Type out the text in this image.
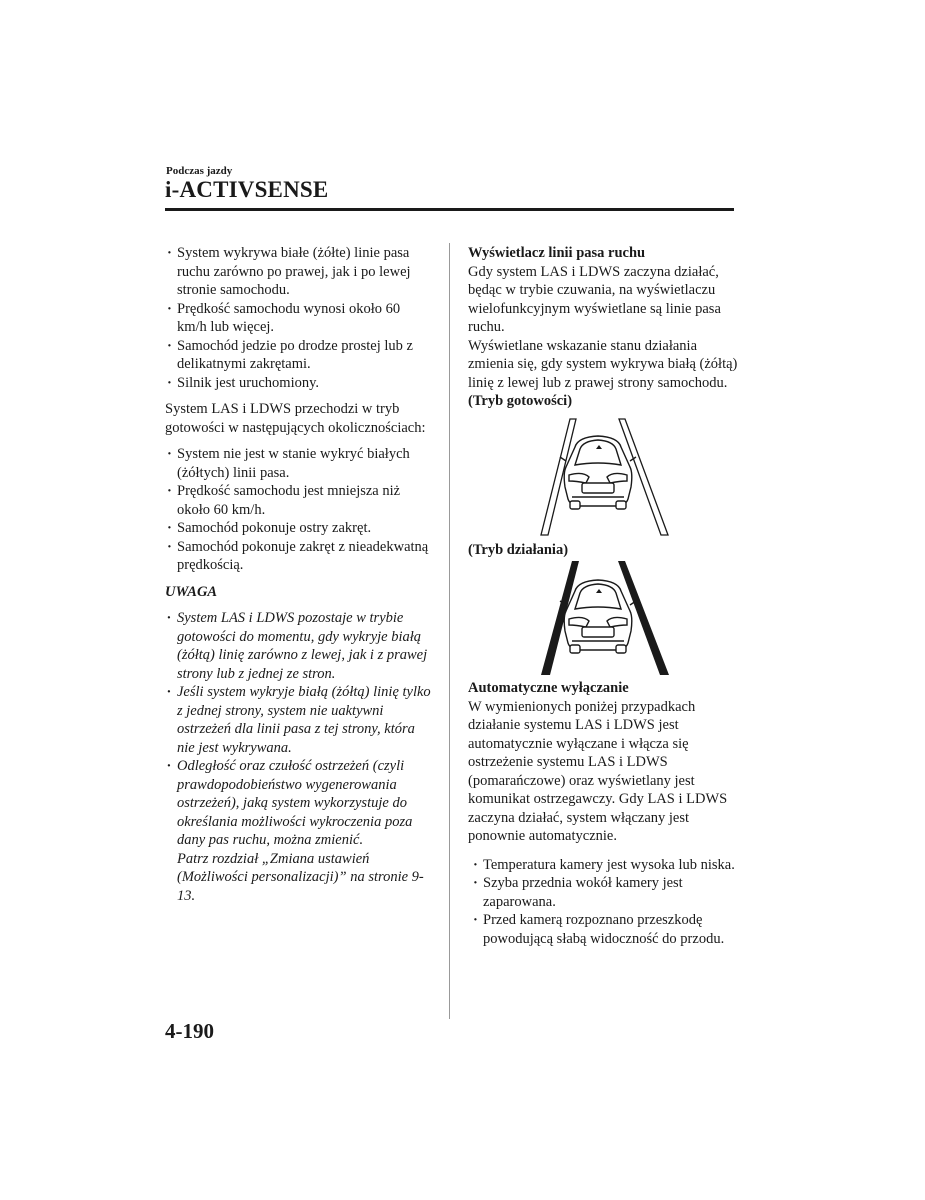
Podczas jazdy
i-ACTIVSENSE
· System wykrywa białe (żółte) linie pasa ruchu zarówno po prawej, jak i po lewej stronie samochodu.
· Prędkość samochodu wynosi około 60 km/h lub więcej.
· Samochód jedzie po drodze prostej lub z delikatnymi zakrętami.
· Silnik jest uruchomiony.

System LAS i LDWS przechodzi w tryb gotowości w następujących okolicznościach:

· System nie jest w stanie wykryć białych (żółtych) linii pasa.
· Prędkość samochodu jest mniejsza niż około 60 km/h.
· Samochód pokonuje ostry zakręt.
· Samochód pokonuje zakręt z nieadekwatną prędkością.
UWAGA
· System LAS i LDWS pozostaje w trybie gotowości do momentu, gdy wykryje białą (żółtą) linię zarówno z lewej, jak i z prawej strony lub z jednej ze stron.
· Jeśli system wykryje białą (żółtą) linię tylko z jednej strony, system nie uaktywni ostrzeżeń dla linii pasa z tej strony, która nie jest wykrywana.
· Odległość oraz czułość ostrzeżeń (czyli prawdopodobieństwo wygenerowania ostrzeżeń), jaką system wykorzystuje do określania możliwości wykroczenia poza dany pas ruchu, można zmienić.
Patrz rozdział „Zmiana ustawień (Możliwości personalizacji)” na stronie 9-13.

Wyświetlacz linii pasa ruchu

Gdy system LAS i LDWS zaczyna działać, będąc w trybie czuwania, na wyświetlaczu wielofunkcyjnym wyświetlane są linie pasa ruchu.

Wyświetlane wskazanie stanu działania zmienia się, gdy system wykrywa białą (żółtą) linię z lewej lub z prawej strony samochodu.

(Tryb gotowości)

(Tryb działania)

Automatyczne wyłączanie

W wymienionych poniżej przypadkach działanie systemu LAS i LDWS jest automatycznie wyłączane i włącza się ostrzeżenie systemu LAS i LDWS (pomarańczowe) oraz wyświetlany jest komunikat ostrzegawczy. Gdy LAS i LDWS zaczyna działać, system włączany jest ponownie automatycznie.

· Temperatura kamery jest wysoka lub niska.
· Szyba przednia wokół kamery jest zaparowana.
· Przed kamerą rozpoznano przeszkodę powodującą słabą widoczność do przodu.
4-190
